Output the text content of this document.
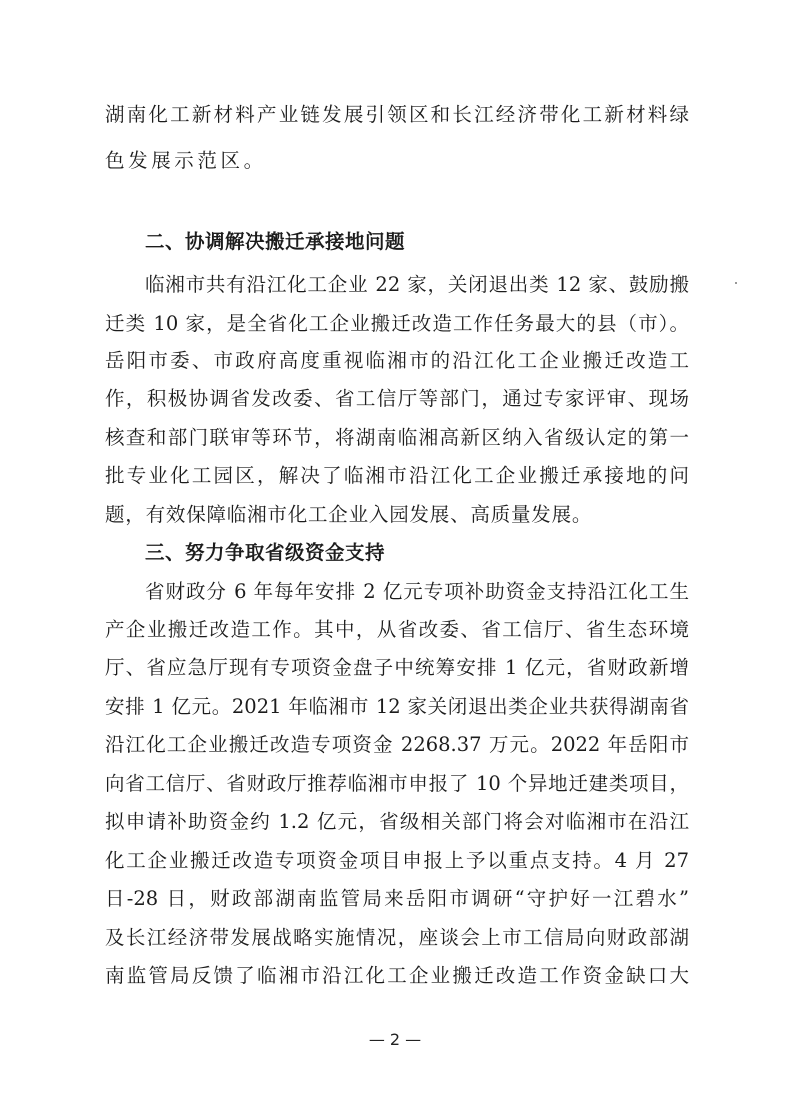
湖南化工新材料产业链发展引领区和长江经济带化工新材料绿

色发展示范区。

二、协调解决搬迁承接地问题

临湘市共有沿江化工企业 22 家，关闭退出类 12 家、鼓励搬

迁类 10 家，是全省化工企业搬迁改造工作任务最大的县（市）。

岳阳市委、市政府高度重视临湘市的沿江化工企业搬迁改造工

作，积极协调省发改委、省工信厅等部门，通过专家评审、现场

核查和部门联审等环节，将湖南临湘高新区纳入省级认定的第一

批专业化工园区，解决了临湘市沿江化工企业搬迁承接地的问

题，有效保障临湘市化工企业入园发展、高质量发展。

三、努力争取省级资金支持

省财政分 6 年每年安排 2 亿元专项补助资金支持沿江化工生

产企业搬迁改造工作。其中，从省改委、省工信厅、省生态环境

厅、省应急厅现有专项资金盘子中统筹安排 1 亿元，省财政新增

安排 1 亿元。2021 年临湘市 12 家关闭退出类企业共获得湖南省

沿江化工企业搬迁改造专项资金 2268.37 万元。2022 年岳阳市

向省工信厅、省财政厅推荐临湘市申报了 10 个异地迁建类项目，

拟申请补助资金约 1.2 亿元，省级相关部门将会对临湘市在沿江

化工企业搬迁改造专项资金项目申报上予以重点支持。4 月 27

日-28 日，财政部湖南监管局来岳阳市调研“守护好一江碧水”

及长江经济带发展战略实施情况，座谈会上市工信局向财政部湖

南监管局反馈了临湘市沿江化工企业搬迁改造工作资金缺口大

— 2 —
